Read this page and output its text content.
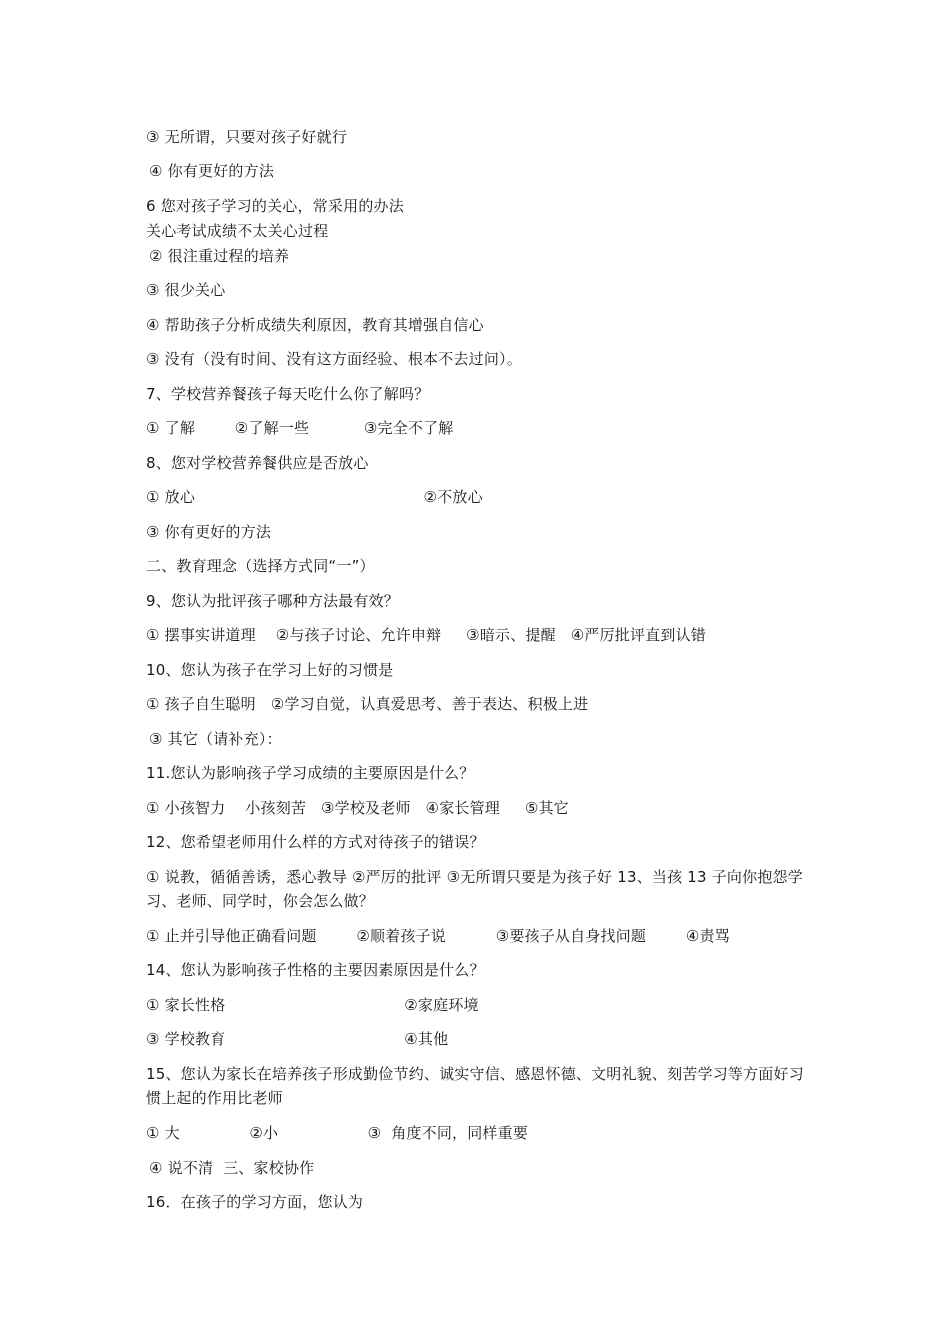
③ 无所谓，只要对孩子好就行
④ 你有更好的方法
6 您对孩子学习的关心，常采用的办法
关心考试成绩不太关心过程
② 很注重过程的培养
③ 很少关心
④ 帮助孩子分析成绩失利原因，教育其增强自信心
③ 没有（没有时间、没有这方面经验、根本不去过问）。
7、学校营养餐孩子每天吃什么你了解吗？
① 了解        ②了解一些           ③完全不了解
8、您对学校营养餐供应是否放心
① 放心                                              ②不放心
③ 你有更好的方法
二、教育理念（选择方式同“一”）
9、您认为批评孩子哪种方法最有效？
① 摆事实讲道理    ②与孩子讨论、允许申辩     ③暗示、提醒   ④严厉批评直到认错
10、您认为孩子在学习上好的习惯是
① 孩子自生聪明   ②学习自觉，认真爱思考、善于表达、积极上进
③ 其它（请补充）：
11.您认为影响孩子学习成绩的主要原因是什么？
① 小孩智力    小孩刻苦   ③学校及老师   ④家长管理     ⑤其它
12、您希望老师用什么样的方式对待孩子的错误？
① 说教，循循善诱，悉心教导 ②严厉的批评 ③无所谓只要是为孩子好 13、当孩 13 子向你抱怨学习、老师、同学时，你会怎么做？
① 止并引导他正确看问题        ②顺着孩子说          ③要孩子从自身找问题        ④责骂
14、您认为影响孩子性格的主要因素原因是什么？
① 家长性格                                    ②家庭环境
③ 学校教育                                    ④其他
15、您认为家长在培养孩子形成勤俭节约、诚实守信、感恩怀德、文明礼貌、刻苦学习等方面好习惯上起的作用比老师
① 大              ②小                  ③  角度不同，同样重要
④ 说不清  三、家校协作
16．在孩子的学习方面，您认为
